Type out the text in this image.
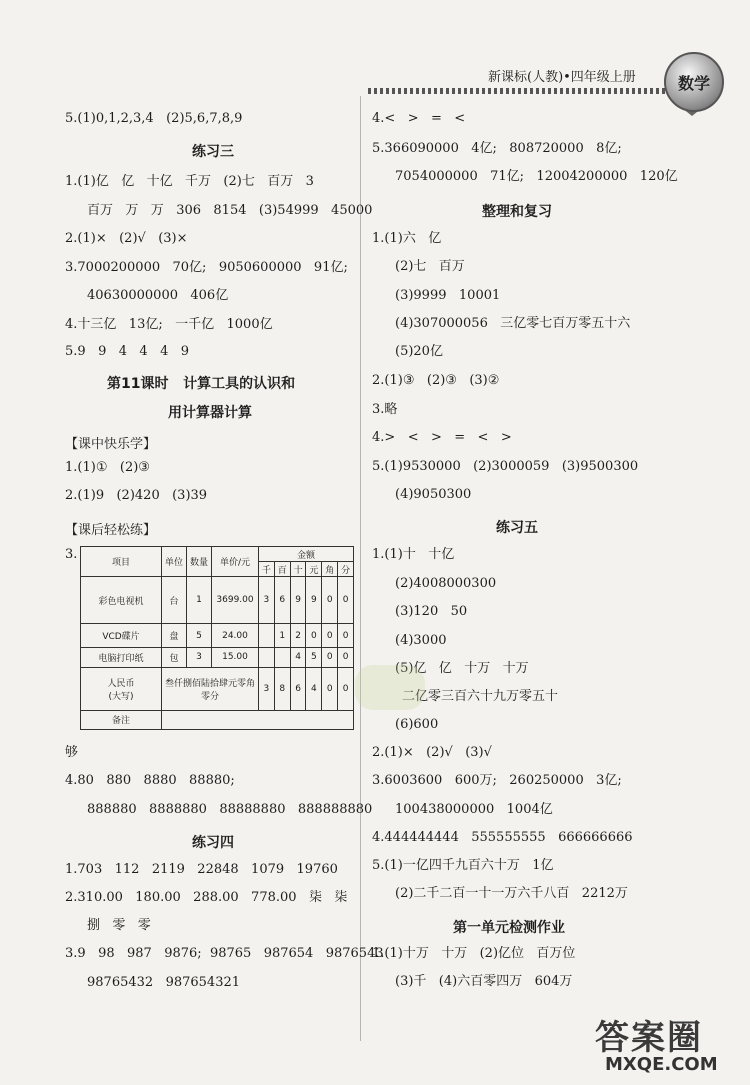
新课标(人教)•四年级上册	数学
5.(1)0,1,2,3,4   (2)5,6,7,8,9
练习三
1.(1)亿   亿   十亿   千万   (2)七   百万   3
百万   万   万   306   8154   (3)54999   45000
2.(1)×   (2)√   (3)×
3.7000200000   70亿;   9050600000   91亿;
40630000000   406亿
4.十三亿   13亿;   一千亿   1000亿
5.9   9   4   4   4   9
第11课时   计算工具的认识和
用计算器计算
【课中快乐学】
1.(1)①   (2)③
2.(1)9   (2)420   (3)39
【课后轻松练】
3.
项目	单位	数量	单价/元	金额					
				千	百	十	元	角	分
彩色电视机	台	1	3699.00	3	6	9	9	0	0
VCD碟片	盘	5	24.00		1	2	0	0	0
电脑打印纸	包	3	15.00			4	5	0	0

人民币
(大写)	叁仟捌佰陆拾肆元零角零分			3	8	6	4	0	0
备注									
够
4.80   880   8880   88880;
888880   8888880   88888880   888888880
练习四
1.703   112   2119   22848   1079   19760
2.310.00   180.00   288.00   778.00   柒   柒
捌   零   零
3.9   98   987   9876;  98765   987654   9876543
98765432   987654321
4.<   >   =   <
5.366090000   4亿;   808720000   8亿;
7054000000   71亿;   12004200000   120亿
整理和复习
1.(1)六   亿
(2)七   百万
(3)9999   10001
(4)307000056   三亿零七百万零五十六
(5)20亿
2.(1)③   (2)③   (3)②
3.略
4.>   <   >   =   <   >
5.(1)9530000   (2)3000059   (3)9500300
(4)9050300
练习五
1.(1)十   十亿
(2)4008000300
(3)120   50
(4)3000
(5)亿   亿   十万   十万
二亿零三百六十九万零五十
(6)600
2.(1)×   (2)√   (3)√
3.6003600   600万;   260250000   3亿;
100438000000   1004亿
4.444444444   555555555   666666666
5.(1)一亿四千九百六十万   1亿
(2)二千二百一十一万六千八百   2212万
第一单元检测作业
1.(1)十万   十万   (2)亿位   百万位
(3)千   (4)六百零四万   604万
答案圈
MXQE.COM
